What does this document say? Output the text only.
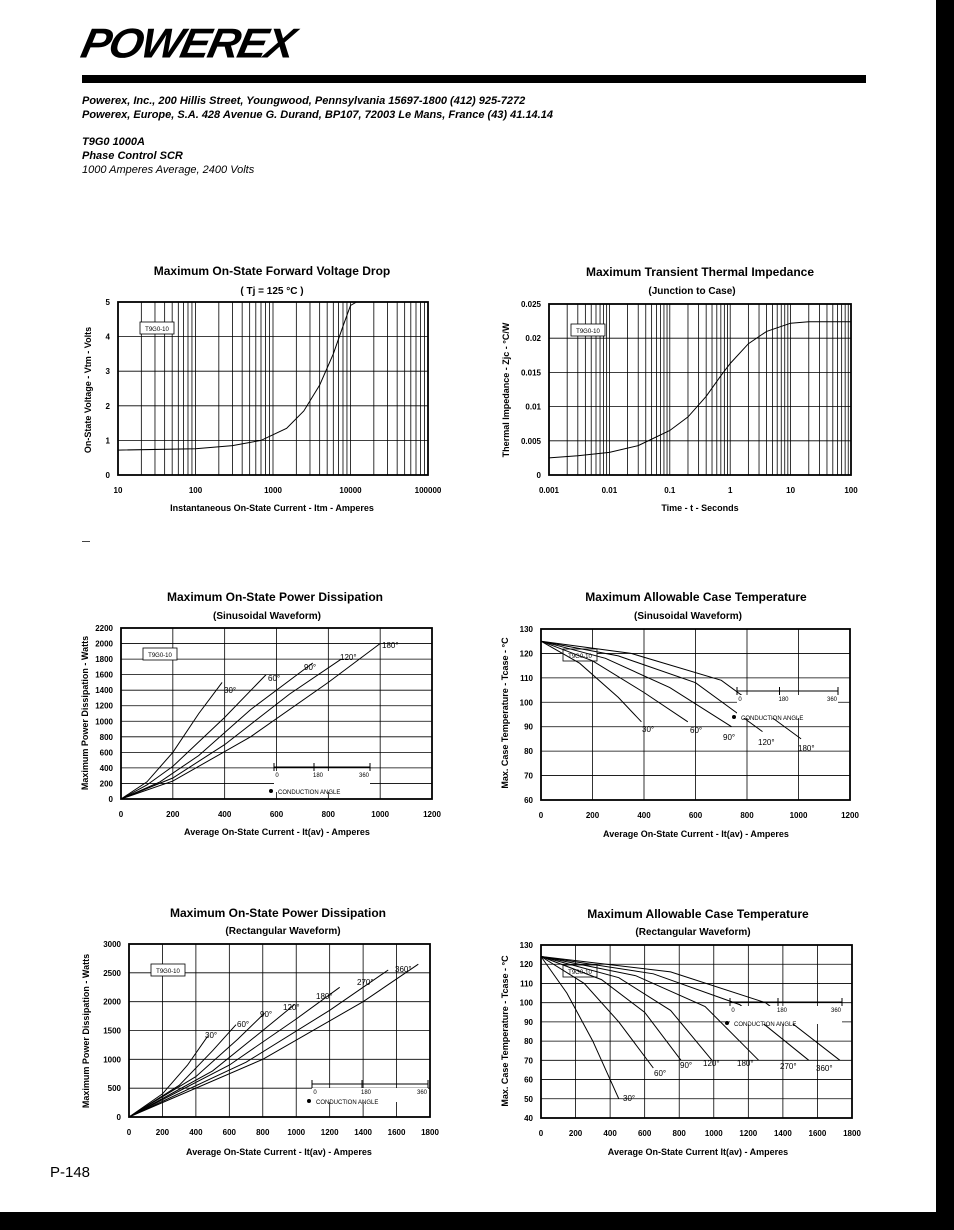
POWEREX
Powerex, Inc., 200 Hillis Street, Youngwood, Pennsylvania 15697-1800 (412) 925-7272
Powerex, Europe, S.A. 428 Avenue G. Durand, BP107, 72003 Le Mans, France (43) 41.14.14
T9G0 1000A
Phase Control SCR
1000 Amperes Average, 2400 Volts
P-148
Maximum On-State Forward Voltage Drop
( Tj = 125 °C )
Instantaneous On-State Current - Itm - Amperes
On-State Voltage - Vtm - Volts
10	100	1000	10000	100000
0
1
2
3
4
5
T9G0-10
Maximum Transient Thermal Impedance
(Junction to Case)
Time - t - Seconds
Thermal Impedance - Zjc - °C/W
0.001	0.01	0.1	1	10	100
0
0.005
0.01
0.015
0.02
0.025
T9G0-10
Maximum On-State Power Dissipation
(Sinusoidal Waveform)
Average On-State Current - It(av) - Amperes
Maximum Power Dissipation - Watts
0	200	400	600	800	1000	1200
0
200
400
600
800
1000
1200
1400
1600
1800
2000
2200
T9G0-10
30°
60°
90°
120°
180°
0	180	360
CONDUCTION ANGLE
Maximum Allowable Case Temperature
(Sinusoidal Waveform)
Average On-State Current - It(av) - Amperes
Max. Case Temperature - Tcase - °C
0	200	400	600	800	1000	1200
60
70
80
90
100
110
120
130
T9G0-10
30°	60°
90°
120°
180°
0	180	360
CONDUCTION ANGLE
Maximum On-State Power Dissipation
(Rectangular Waveform)
Average On-State Current - It(av) - Amperes
Maximum Power Dissipation - Watts
0	200	400	600	800 1000 1200 1400 1600 1800
0
500
1000
1500
2000
2500
3000
T9G0-10
30°
60°
90°
120°
180°
270°
360°
0	180	360
CONDUCTION ANGLE
Maximum Allowable Case Temperature
(Rectangular Waveform)
Average On-State Current It(av) - Amperes
Max. Case Temperature - Tcase - °C
0	200	400	600	800 1000 1200 1400 1600 1800
40
50
60
70
80
90
100
110
120
130
T9G0-10
30°
60°
90° 120° 180°	270° 360°
0	180	360
CONDUCTION ANGLE
